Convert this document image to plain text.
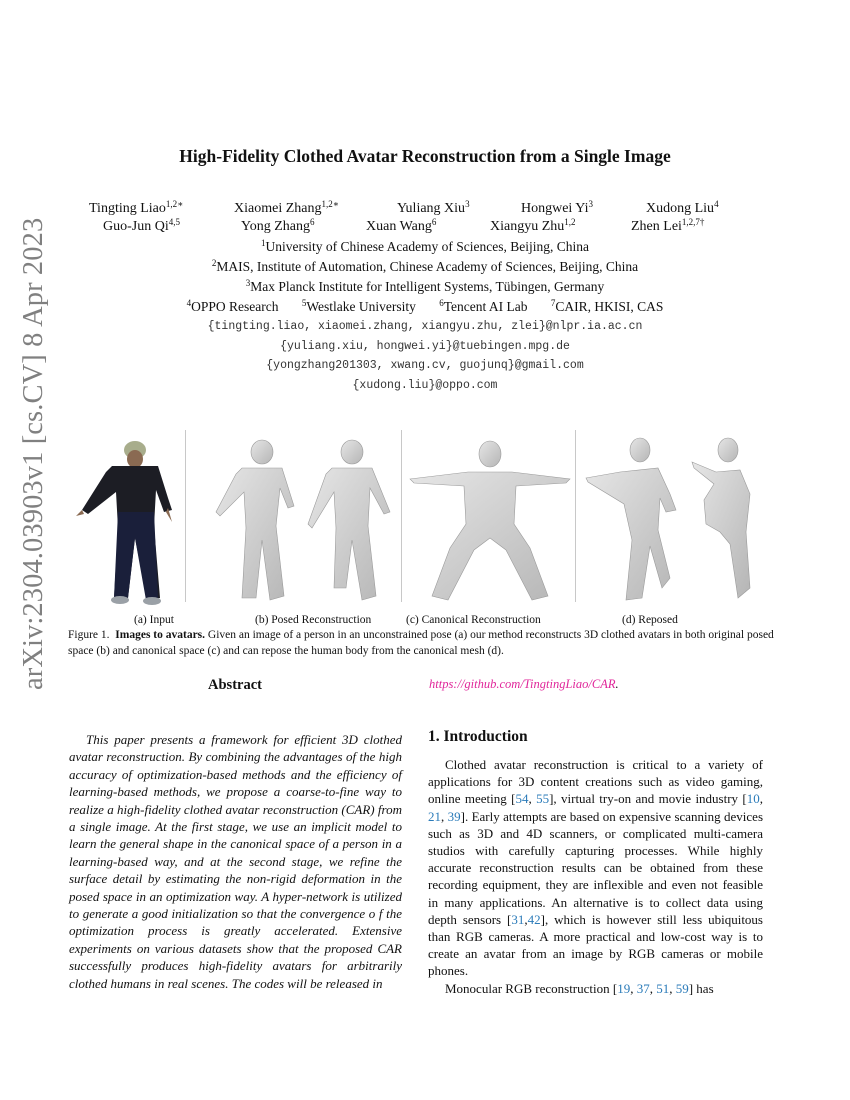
arXiv:2304.03903v1 [cs.CV] 8 Apr 2023
High-Fidelity Clothed Avatar Reconstruction from a Single Image
Tingting Liao$^{1,2∗}$	Xiaomei Zhang$^{1,2∗}$	Yuliang Xiu$^3$	Hongwei Yi$^3$	Xudong Liu$^4$
Guo-Jun Qi$^{4,5}$	Yong Zhang$^6$	Xuan Wang$^6$	Xiangyu Zhu$^{1,2}$	Zhen Lei$^{1,2,7\dagger}$
$^1$University of Chinese Academy of Sciences, Beijing, China
$^2$MAIS, Institute of Automation, Chinese Academy of Sciences, Beijing, China
$^3$Max Planck Institute for Intelligent Systems, Tübingen, Germany
$^4$OPPO Research	$^5$Westlake University	$^6$Tencent AI Lab	$^7$CAIR, HKISI, CAS
{tingting.liao, xiaomei.zhang, xiangyu.zhu, zlei}@nlpr.ia.ac.cn
{yuliang.xiu, hongwei.yi}@tuebingen.mpg.de
{yongzhang201303, xwang.cv, guojunq}@gmail.com
{xudong.liu}@oppo.com
(a) Input	(b) Posed Reconstruction	(c) Canonical Reconstruction	(d) Reposed
Figure 1. Images to avatars. Given an image of a person in an unconstrained pose (a) our method reconstructs 3D clothed avatars in both original posed space (b) and canonical space (c) and can repose the human body from the canonical mesh (d).
Abstract

This paper presents a framework for efficient 3D clothed avatar reconstruction. By combining the advantages of the high accuracy of optimization-based methods and the efficiency of learning-based methods, we propose a coarse-to-fine way to realize a high-fidelity clothed avatar reconstruction (CAR) from a single image. At the first stage, we use an implicit model to learn the general shape in the canonical space of a person in a learning-based way, and at the second stage, we refine the surface detail by estimating the non-rigid deformation in the posed space in an optimization way. A hyper-network is utilized to generate a good initialization so that the convergence o f the optimization process is greatly accelerated. Extensive experiments on various datasets show that the proposed CAR successfully produces high-fidelity avatars for arbitrarily clothed humans in real scenes. The codes will be released in

https://github.com/TingtingLiao/CAR.
1. Introduction

Clothed avatar reconstruction is critical to a variety of applications for 3D content creations such as video gaming, online meeting [54, 55], virtual try-on and movie industry [10, 21, 39]. Early attempts are based on expensive scanning devices such as 3D and 4D scanners, or complicated multi-camera studios with carefully capturing processes. While highly accurate reconstruction results can be obtained from these recording equipment, they are inflexible and even not feasible in many applications. An alternative is to collect data using depth sensors [31,42], which is however still less ubiquitous than RGB cameras. A more practical and low-cost way is to create an avatar from an image by RGB cameras or mobile phones.

Monocular RGB reconstruction [19, 37, 51, 59] has
